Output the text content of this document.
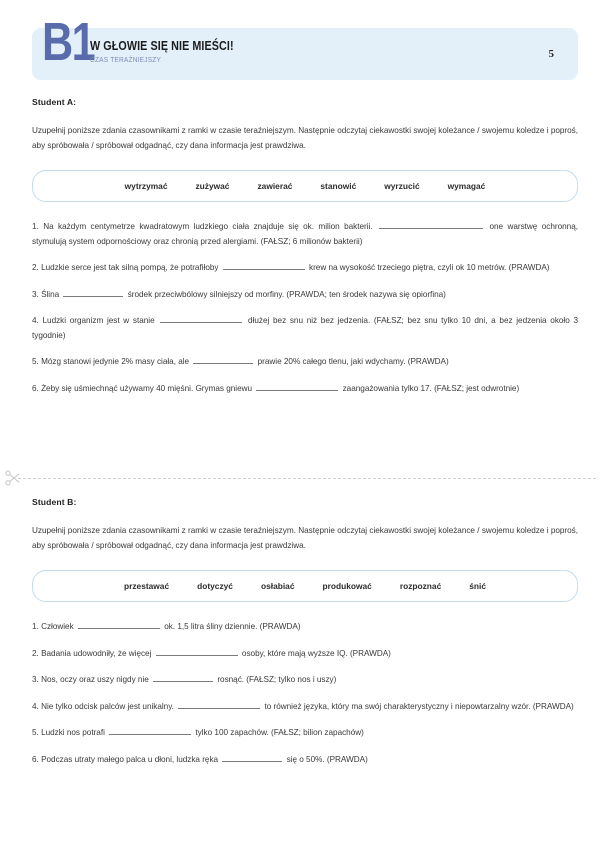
B1
W GŁOWIE SIĘ NIE MIEŚCI!
CZAS TERAŹNIEJSZY	5
Student A:
Uzupełnij poniższe zdania czasownikami z ramki w czasie teraźniejszym. Następnie odczytaj ciekawostki swojej koleżance / swojemu koledze i poproś, aby spróbowała / spróbował odgadnąć, czy dana informacja jest prawdziwa.
wytrzymać	zużywać	zawierać	stanowić	wyrzucić	wymagać

1. Na każdym centymetrze kwadratowym ludzkiego ciała znajduje się ok. milion bakterii.	one warstwę ochronną, stymulują system odpornościowy oraz chronią przed alergiami. (FAŁSZ; 6 milionów bakterii)

2. Ludzkie serce jest tak silną pompą, że potrafiłoby	krew na wysokość trzeciego piętra, czyli ok 10 metrów. (PRAWDA)

3. Ślina	środek przeciwbólowy silniejszy od morfiny. (PRAWDA; ten środek nazywa się opiorfina)

4. Ludzki organizm jest w stanie	dłużej bez snu niż bez jedzenia. (FAŁSZ; bez snu tylko 10 dni, a bez jedzenia około 3 tygodnie)

5. Mózg stanowi jedynie 2% masy ciała, ale	prawie 20% całego tlenu, jaki wdychamy. (PRAWDA)

6. Żeby się uśmiechnąć używamy 40 mięśni. Grymas gniewu	zaangażowania tylko 17. (FAŁSZ; jest odwrotnie)

Student B:
Uzupełnij poniższe zdania czasownikami z ramki w czasie teraźniejszym. Następnie odczytaj ciekawostki swojej koleżance / swojemu koledze i poproś, aby spróbowała / spróbował odgadnąć, czy dana informacja jest prawdziwa.
przestawać	dotyczyć	osłabiać	produkować	rozpoznać	śnić

1. Człowiek	ok. 1,5 litra śliny dziennie. (PRAWDA)

2. Badania udowodniły, że więcej	osoby, które mają wyższe IQ. (PRAWDA)

3. Nos, oczy oraz uszy nigdy nie	rosnąć. (FAŁSZ; tylko nos i uszy)

4. Nie tylko odcisk palców jest unikalny.	to również języka, który ma swój charakterystyczny i niepowtarzalny wzór. (PRAWDA)

5. Ludzki nos potrafi	tylko 100 zapachów. (FAŁSZ; bilion zapachów)

6. Podczas utraty małego palca u dłoni, ludzka ręka	się o 50%. (PRAWDA)
